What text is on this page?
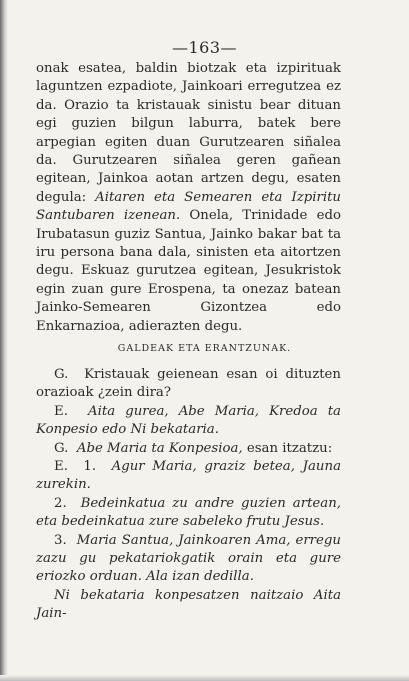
—163—

onak esatea, baldin biotzak eta izpirituak laguntzen ezpadiote, Jainkoari erregutzea ez da. Orazio ta kristauak sinistu bear dituan egi guzien bilgun laburra, batek bere arpegian egiten duan Gurutzearen siñalea da. Gurutzearen siñalea geren gañean egitean, Jainkoa aotan artzen degu, esaten degula: Aitaren eta Semearen eta Izpiritu Santubaren izenean. Onela, Trinidade edo Irubatasun guziz Santua, Jainko bakar bat ta iru persona bana dala, sinisten eta aitortzen degu. Eskuaz gurutzea egitean, Jesukristok egin zuan gure Erospena, ta onezaz batean Jainko-Semearen Gizontzea edo Enkarnazioa, adierazten degu.

GALDEAK ETA ERANTZUNAK.

G. Kristauak geienean esan oi dituzten orazioak ¿zein dira?

E. Aita gurea, Abe Maria, Kredoa ta Konpesio edo Ni bekataria.

G. Abe Maria ta Konpesioa, esan itzatzu:

E. 1. Agur Maria, graziz betea, Jauna zurekin.

2. Bedeinkatua zu andre guzien artean, eta bedeinkatua zure sabeleko frutu Jesus.

3. Maria Santua, Jainkoaren Ama, erregu zazu gu pekatariokgatik orain eta gure eriozko orduan. Ala izan dedilla.

Ni bekataria konpesatzen naitzaio Aita Jain-
